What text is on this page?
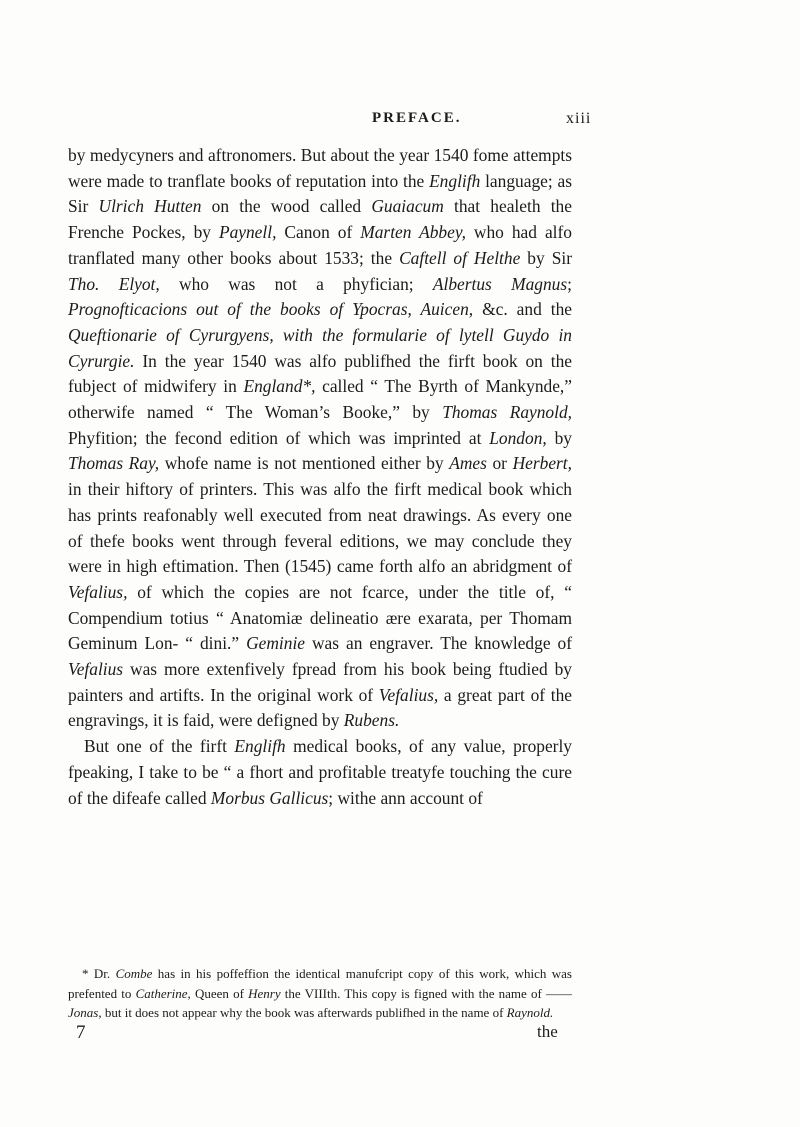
PREFACE.	xiii

by medycyners and aftronomers. But about the year 1540 fome attempts were made to tranflate books of reputation into the Englifh language; as Sir Ulrich Hutten on the wood called Guaiacum that healeth the Frenche Pockes, by Paynell, Canon of Marten Abbey, who had alfo tranflated many other books about 1533; the Caftell of Helthe by Sir Tho. Elyot, who was not a phyfician; Albertus Magnus; Prognofticacions out of the books of Ypocras, Auicen, &c. and the Queftionarie of Cyrurgyens, with the formularie of lytell Guydo in Cyrurgie. In the year 1540 was alfo publifhed the firft book on the fubject of midwifery in England*, called “ The Byrth of Mankynde,” otherwife named “ The Woman’s Booke,” by Thomas Raynold, Phyfition; the fecond edition of which was imprinted at London, by Thomas Ray, whofe name is not mentioned either by Ames or Herbert, in their hiftory of printers. This was alfo the firft medical book which has prints reafonably well executed from neat drawings. As every one of thefe books went through feveral editions, we may conclude they were in high eftimation. Then (1545) came forth alfo an abridgment of Vefalius, of which the copies are not fcarce, under the title of, “ Compendium totius “ Anatomiæ delineatio ære exarata, per Thomam Geminum Lon- “ dini.” Geminie was an engraver. The knowledge of Vefalius was more extenfively fpread from his book being ftudied by painters and artifts. In the original work of Vefalius, a great part of the engravings, it is faid, were defigned by Rubens.

But one of the firft Englifh medical books, of any value, properly fpeaking, I take to be “ a fhort and profitable treatyfe touching the cure of the difeafe called Morbus Gallicus; withe ann account of

* Dr. Combe has in his poffeffion the identical manufcript copy of this work, which was prefented to Catherine, Queen of Henry the VIIIth. This copy is figned with the name of ——Jonas, but it does not appear why the book was afterwards publifhed in the name of Raynold.

7	the
